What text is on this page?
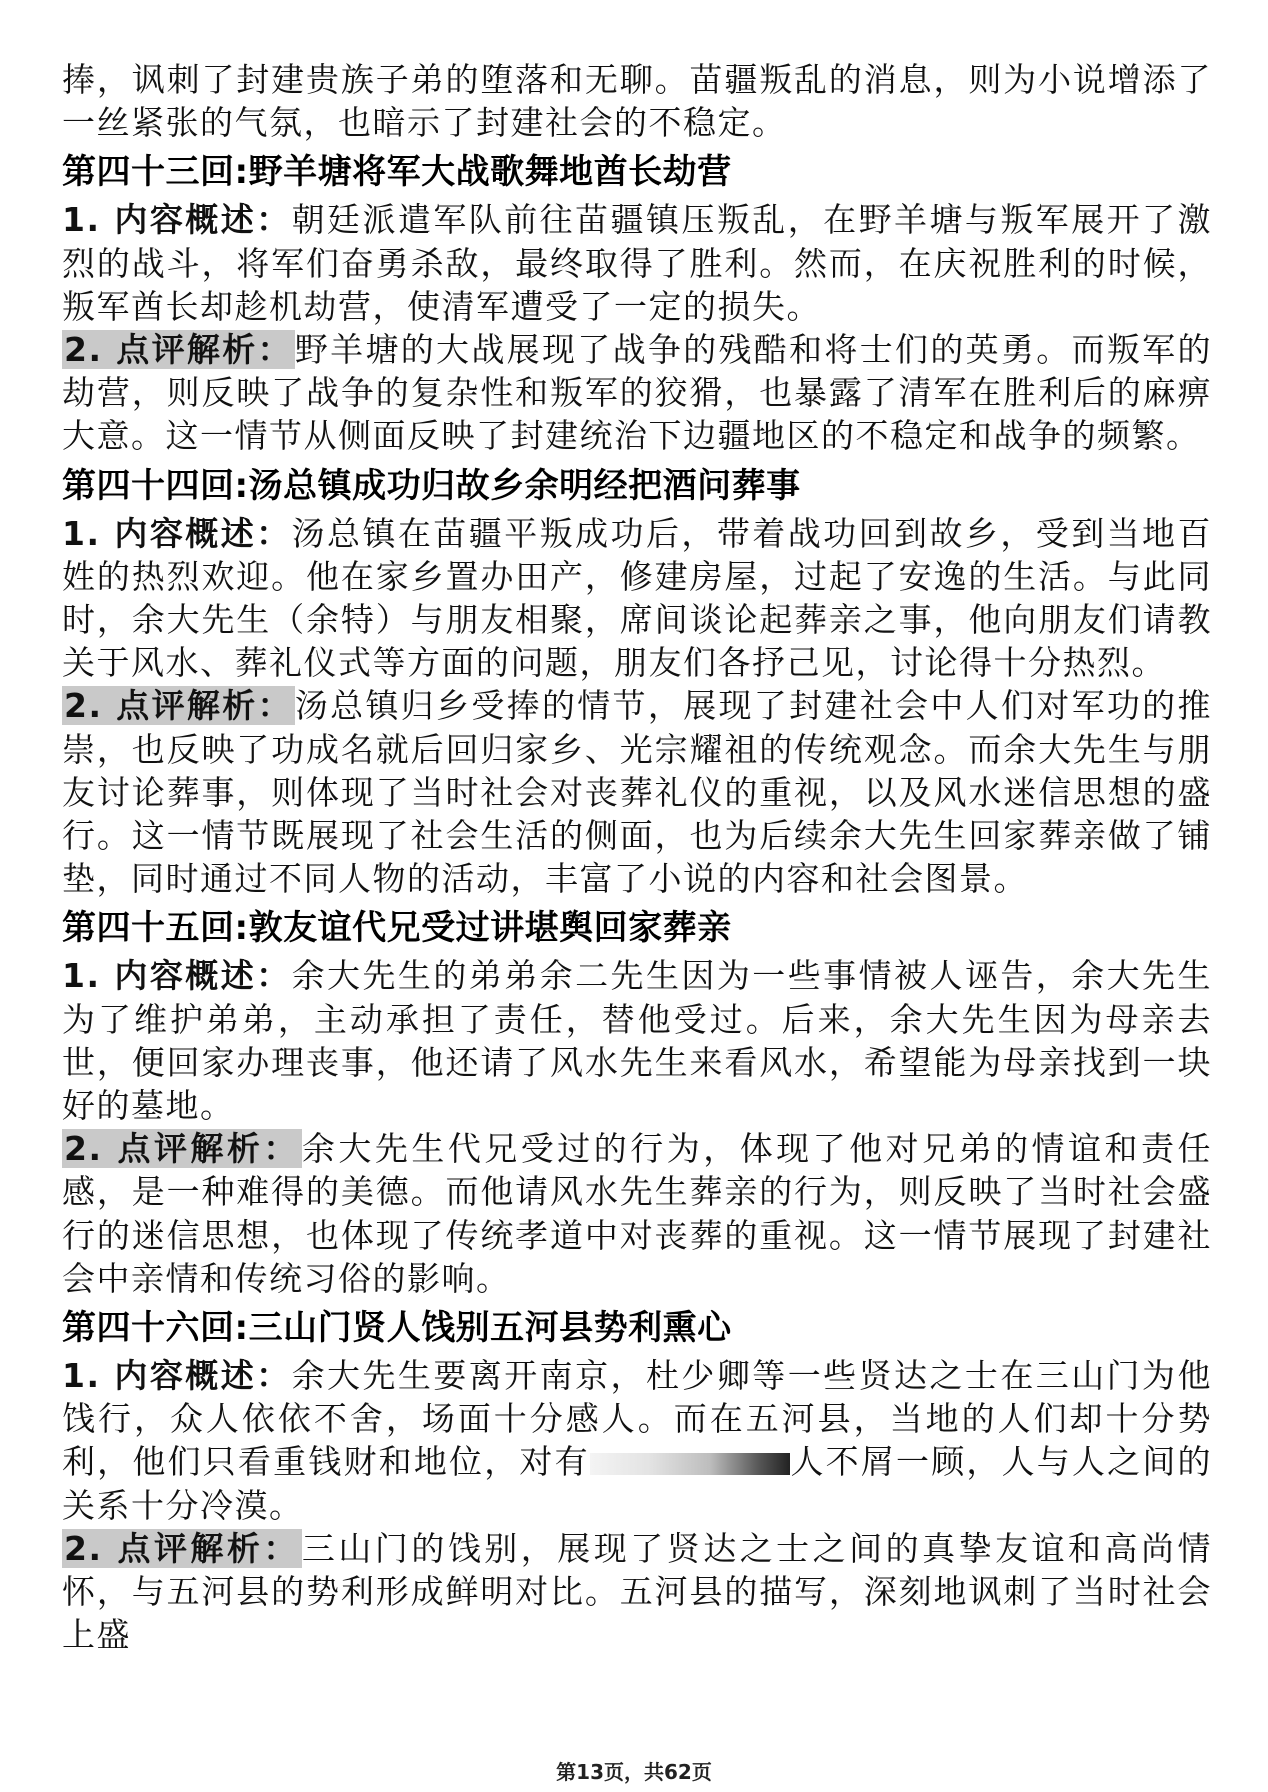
捧，讽刺了封建贵族子弟的堕落和无聊。苗疆叛乱的消息，则为小说增添了一丝紧张的气氛，也暗示了封建社会的不稳定。

第四十三回:野羊塘将军大战歌舞地酋长劫营

1. 内容概述：朝廷派遣军队前往苗疆镇压叛乱，在野羊塘与叛军展开了激烈的战斗，将军们奋勇杀敌，最终取得了胜利。然而，在庆祝胜利的时候，叛军酋长却趁机劫营，使清军遭受了一定的损失。

2. 点评解析：野羊塘的大战展现了战争的残酷和将士们的英勇。而叛军的劫营，则反映了战争的复杂性和叛军的狡猾，也暴露了清军在胜利后的麻痹大意。这一情节从侧面反映了封建统治下边疆地区的不稳定和战争的频繁。

第四十四回:汤总镇成功归故乡余明经把酒问葬事

1. 内容概述：汤总镇在苗疆平叛成功后，带着战功回到故乡，受到当地百姓的热烈欢迎。他在家乡置办田产，修建房屋，过起了安逸的生活。与此同时，余大先生（余特）与朋友相聚，席间谈论起葬亲之事，他向朋友们请教关于风水、葬礼仪式等方面的问题，朋友们各抒己见，讨论得十分热烈。

2. 点评解析：汤总镇归乡受捧的情节，展现了封建社会中人们对军功的推崇，也反映了功成名就后回归家乡、光宗耀祖的传统观念。而余大先生与朋友讨论葬事，则体现了当时社会对丧葬礼仪的重视，以及风水迷信思想的盛行。这一情节既展现了社会生活的侧面，也为后续余大先生回家葬亲做了铺垫，同时通过不同人物的活动，丰富了小说的内容和社会图景。

第四十五回:敦友谊代兄受过讲堪舆回家葬亲

1. 内容概述：余大先生的弟弟余二先生因为一些事情被人诬告，余大先生为了维护弟弟，主动承担了责任，替他受过。后来，余大先生因为母亲去世，便回家办理丧事，他还请了风水先生来看风水，希望能为母亲找到一块好的墓地。

2. 点评解析：余大先生代兄受过的行为，体现了他对兄弟的情谊和责任感，是一种难得的美德。而他请风水先生葬亲的行为，则反映了当时社会盛行的迷信思想，也体现了传统孝道中对丧葬的重视。这一情节展现了封建社会中亲情和传统习俗的影响。

第四十六回:三山门贤人饯别五河县势利熏心

1. 内容概述：余大先生要离开南京，杜少卿等一些贤达之士在三山门为他饯行，众人依依不舍，场面十分感人。而在五河县，当地的人们却十分势利，他们只看重钱财和地位，对有	人不屑一顾，人与人之间的关系十分冷漠。

2. 点评解析：三山门的饯别，展现了贤达之士之间的真挚友谊和高尚情怀，与五河县的势利形成鲜明对比。五河县的描写，深刻地讽刺了当时社会上盛

第13页，共62页
